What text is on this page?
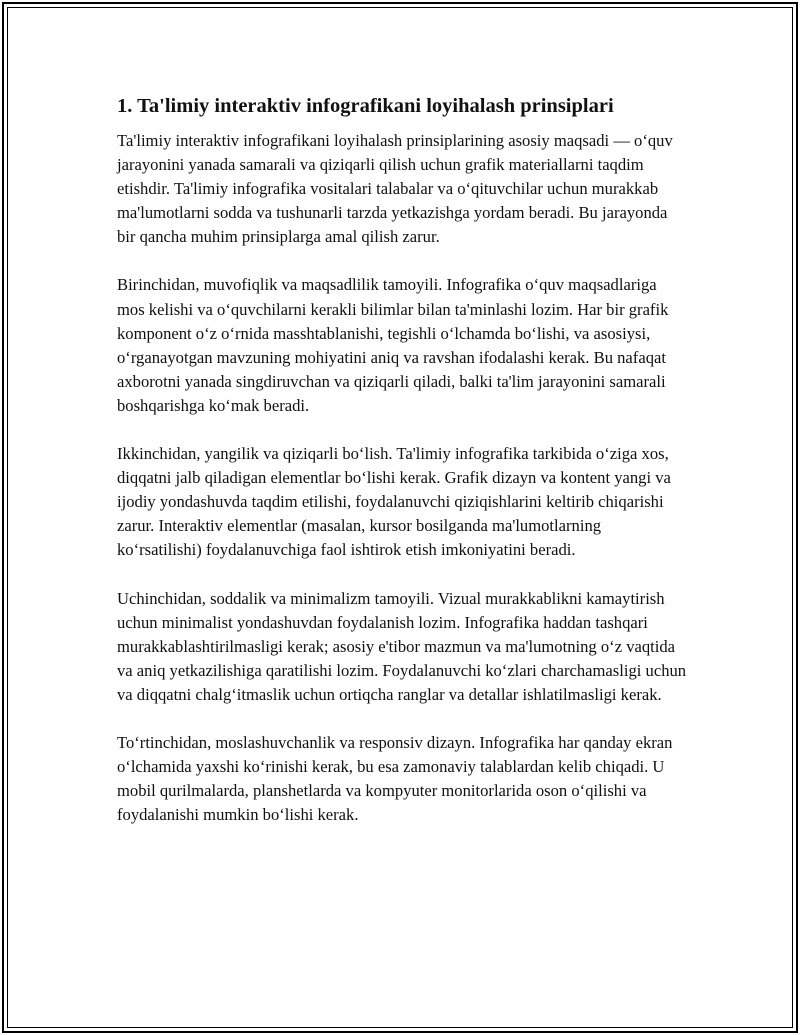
1. Ta'limiy interaktiv infografikani loyihalash prinsiplari

Ta'limiy interaktiv infografikani loyihalash prinsiplarining asosiy maqsadi — oʻquv jarayonini yanada samarali va qiziqarli qilish uchun grafik materiallarni taqdim etishdir. Ta'limiy infografika vositalari talabalar va oʻqituvchilar uchun murakkab ma'lumotlarni sodda va tushunarli tarzda yetkazishga yordam beradi. Bu jarayonda bir qancha muhim prinsiplarga amal qilish zarur.

Birinchidan, muvofiqlik va maqsadlilik tamoyili. Infografika oʻquv maqsadlariga mos kelishi va oʻquvchilarni kerakli bilimlar bilan ta'minlashi lozim. Har bir grafik komponent oʻz oʻrnida masshtablanishi, tegishli oʻlchamda boʻlishi, va asosiysi, oʻrganayotgan mavzuning mohiyatini aniq va ravshan ifodalashi kerak. Bu nafaqat axborotni yanada singdiruvchan va qiziqarli qiladi, balki ta'lim jarayonini samarali boshqarishga koʻmak beradi.

Ikkinchidan, yangilik va qiziqarli boʻlish. Ta'limiy infografika tarkibida oʻziga xos, diqqatni jalb qiladigan elementlar boʻlishi kerak. Grafik dizayn va kontent yangi va ijodiy yondashuvda taqdim etilishi, foydalanuvchi qiziqishlarini keltirib chiqarishi zarur. Interaktiv elementlar (masalan, kursor bosilganda ma'lumotlarning koʻrsatilishi) foydalanuvchiga faol ishtirok etish imkoniyatini beradi.

Uchinchidan, soddalik va minimalizm tamoyili. Vizual murakkablikni kamaytirish uchun minimalist yondashuvdan foydalanish lozim. Infografika haddan tashqari murakkablashtirilmasligi kerak; asosiy e'tibor mazmun va ma'lumotning oʻz vaqtida va aniq yetkazilishiga qaratilishi lozim. Foydalanuvchi koʻzlari charchamasligi uchun va diqqatni chalgʻitmaslik uchun ortiqcha ranglar va detallar ishlatilmasligi kerak.

Toʻrtinchidan, moslashuvchanlik va responsiv dizayn. Infografika har qanday ekran oʻlchamida yaxshi koʻrinishi kerak, bu esa zamonaviy talablardan kelib chiqadi. U mobil qurilmalarda, planshetlarda va kompyuter monitorlarida oson oʻqilishi va foydalanishi mumkin boʻlishi kerak.
